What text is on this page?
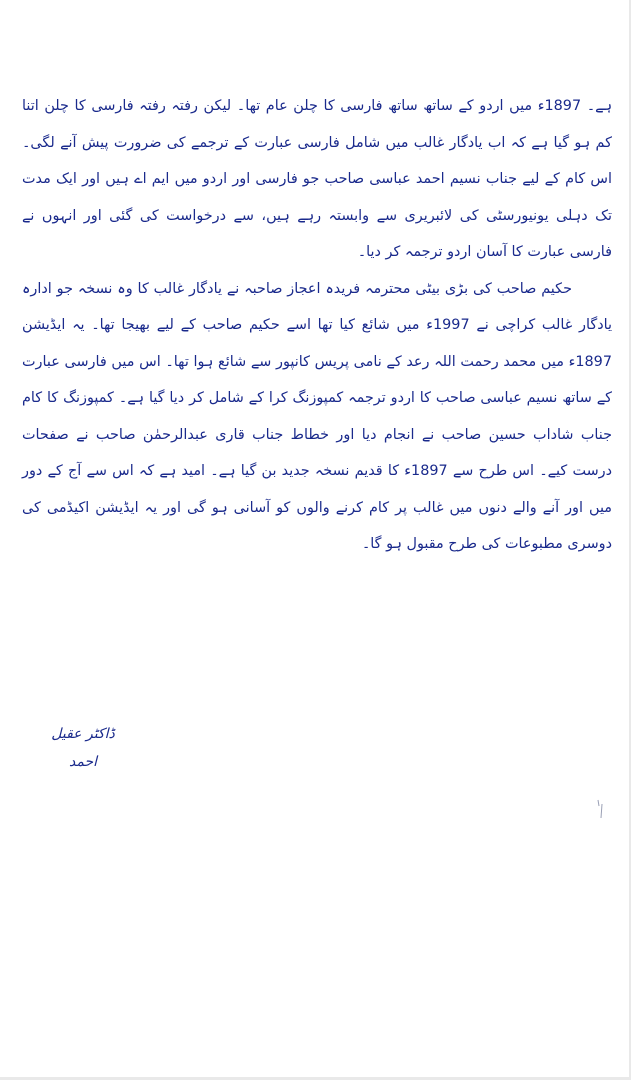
ہے۔ 1897ء میں اردو کے ساتھ ساتھ فارسی کا چلن عام تھا۔ لیکن رفتہ رفتہ فارسی کا چلن اتنا کم ہو گیا ہے کہ اب یادگار غالب میں شامل فارسی عبارت کے ترجمے کی ضرورت پیش آنے لگی۔ اس کام کے لیے جناب نسیم احمد عباسی صاحب جو فارسی اور اردو میں ایم اے ہیں اور ایک مدت تک دہلی یونیورسٹی کی لائبریری سے وابستہ رہے ہیں، سے درخواست کی گئی اور انہوں نے فارسی عبارت کا آسان اردو ترجمہ کر دیا۔

حکیم صاحب کی بڑی بیٹی محترمہ فریدہ اعجاز صاحبہ نے یادگار غالب کا وہ نسخہ جو ادارہ یادگار غالب کراچی نے 1997ء میں شائع کیا تھا اسے حکیم صاحب کے لیے بھیجا تھا۔ یہ ایڈیشن 1897ء میں محمد رحمت اللہ رعد کے نامی پریس کانپور سے شائع ہوا تھا۔ اس میں فارسی عبارت کے ساتھ نسیم عباسی صاحب کا اردو ترجمہ کمپوزنگ کرا کے شامل کر دیا گیا ہے۔ کمپوزنگ کا کام جناب شاداب حسین صاحب نے انجام دیا اور خطاط جناب قاری عبدالرحمٰن صاحب نے صفحات درست کیے۔ اس طرح سے 1897ء کا قدیم نسخہ جدید بن گیا ہے۔ امید ہے کہ اس سے آج کے دور میں اور آنے والے دنوں میں غالب پر کام کرنے والوں کو آسانی ہو گی اور یہ ایڈیشن اکیڈمی کی دوسری مطبوعات کی طرح مقبول ہو گا۔

ڈاکٹر عقیل احمد
